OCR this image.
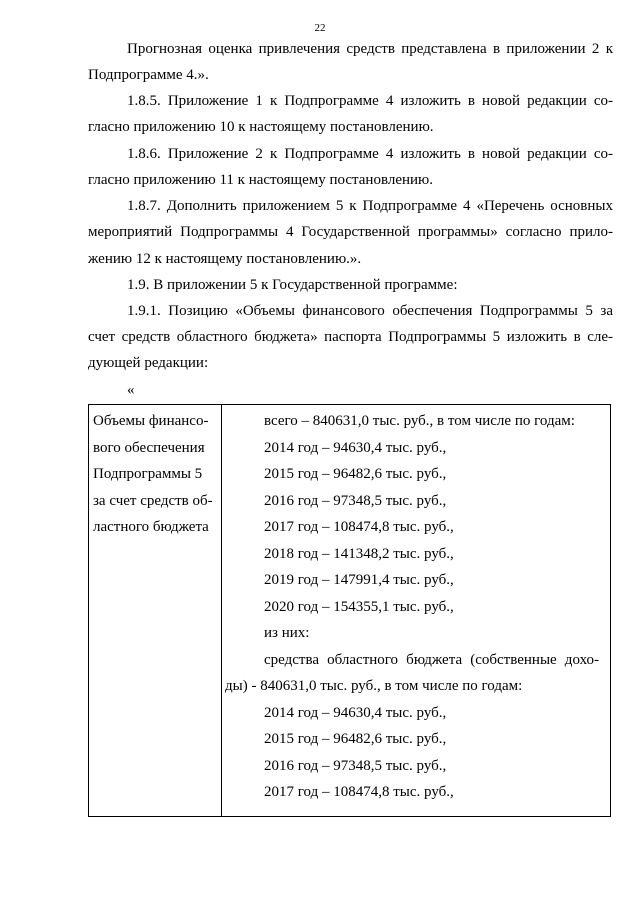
22
Прогнозная оценка привлечения средств представлена в приложении 2 к
Подпрограмме 4.».
1.8.5. Приложение 1 к Подпрограмме 4 изложить в новой редакции со-
гласно приложению 10 к настоящему постановлению.
1.8.6. Приложение 2 к Подпрограмме 4 изложить в новой редакции со-
гласно приложению 11 к настоящему постановлению.
1.8.7. Дополнить приложением 5 к Подпрограмме 4 «Перечень основных
мероприятий Подпрограммы 4 Государственной программы» согласно прило-
жению 12 к настоящему постановлению.».
1.9. В приложении 5 к Государственной программе:
1.9.1. Позицию «Объемы финансового обеспечения Подпрограммы 5 за
счет средств областного бюджета» паспорта Подпрограммы 5 изложить в сле-
дующей редакции:
«
Объемы финансо-
вого обеспечения
Подпрограммы 5
за счет средств об-
ластного бюджета
всего – 840631,0 тыс. руб., в том числе по годам:
2014 год – 94630,4 тыс. руб.,
2015 год – 96482,6 тыс. руб.,
2016 год – 97348,5 тыс. руб.,
2017 год – 108474,8 тыс. руб.,
2018 год – 141348,2 тыс. руб.,
2019 год – 147991,4 тыс. руб.,
2020 год – 154355,1 тыс. руб.,
из них:
средства областного бюджета (собственные дохо-
ды) - 840631,0 тыс. руб., в том числе по годам:
2014 год – 94630,4 тыс. руб.,
2015 год – 96482,6 тыс. руб.,
2016 год – 97348,5 тыс. руб.,
2017 год – 108474,8 тыс. руб.,
